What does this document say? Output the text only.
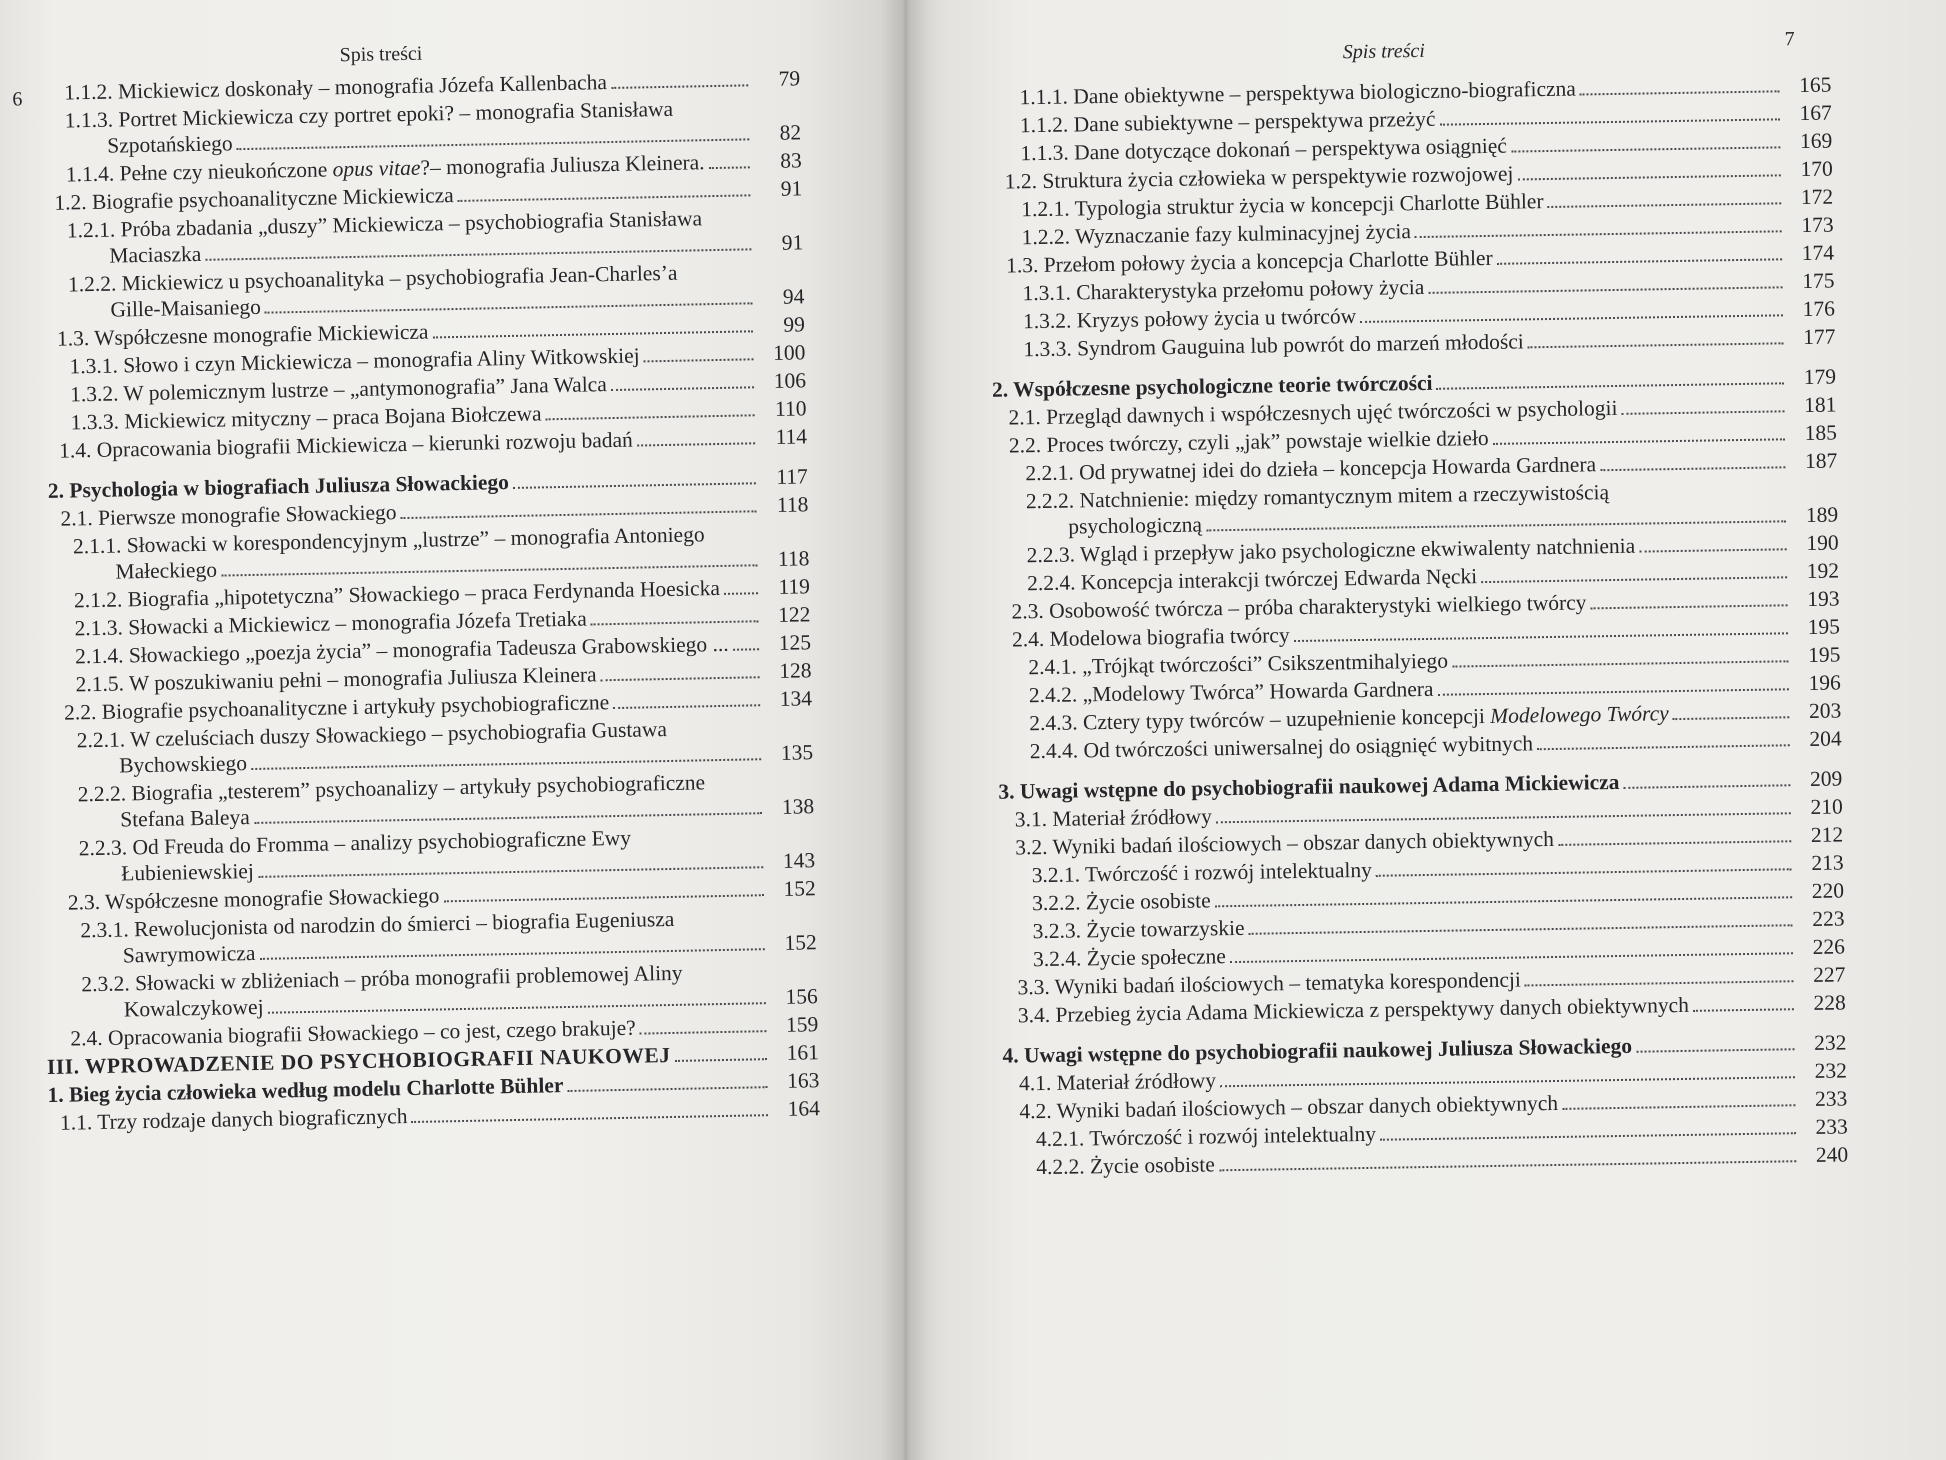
Spis treści
6 1.1.2. Mickiewicz doskonały – monografia Józefa Kallenbacha	79
1.1.3. Portret Mickiewicza czy portret epoki? – monografia Stanisława
Szpotańskiego	82
1.1.4. Pełne czy nieukończone opus vitae?– monografia Juliusza Kleinera.	83
1.2. Biografie psychoanalityczne Mickiewicza	91
1.2.1. Próba zbadania „duszy” Mickiewicza – psychobiografia Stanisława
Maciaszka	91
1.2.2. Mickiewicz u psychoanalityka – psychobiografia Jean-Charles’a
Gille-Maisaniego	94
1.3. Współczesne monografie Mickiewicza	99
1.3.1. Słowo i czyn Mickiewicza – monografia Aliny Witkowskiej	100
1.3.2. W polemicznym lustrze – „antymonografia” Jana Walca	106
1.3.3. Mickiewicz mityczny – praca Bojana Biołczewa	110
1.4. Opracowania biografii Mickiewicza – kierunki rozwoju badań	114
2. Psychologia w biografiach Juliusza Słowackiego	117
2.1. Pierwsze monografie Słowackiego	118
2.1.1. Słowacki w korespondencyjnym „lustrze” – monografia Antoniego
Małeckiego	118
2.1.2. Biografia „hipotetyczna” Słowackiego – praca Ferdynanda Hoesicka	119
2.1.3. Słowacki a Mickiewicz – monografia Józefa Tretiaka	122
2.1.4. Słowackiego „poezja życia” – monografia Tadeusza Grabowskiego ...	125
2.1.5. W poszukiwaniu pełni – monografia Juliusza Kleinera	128
2.2. Biografie psychoanalityczne i artykuły psychobiograficzne	134
2.2.1. W czeluściach duszy Słowackiego – psychobiografia Gustawa
Bychowskiego	135
2.2.2. Biografia „testerem” psychoanalizy – artykuły psychobiograficzne
Stefana Baleya	138
2.2.3. Od Freuda do Fromma – analizy psychobiograficzne Ewy
Łubieniewskiej	143
2.3. Współczesne monografie Słowackiego	152
2.3.1. Rewolucjonista od narodzin do śmierci – biografia Eugeniusza
Sawrymowicza	152
2.3.2. Słowacki w zbliżeniach – próba monografii problemowej Aliny
Kowalczykowej	156
2.4. Opracowania biografii Słowackiego – co jest, czego brakuje?	159
III. WPROWADZENIE DO PSYCHOBIOGRAFII NAUKOWEJ	161
1. Bieg życia człowieka według modelu Charlotte Bühler	163
1.1. Trzy rodzaje danych biograficznych	164
Spis treści
7
1.1.1. Dane obiektywne – perspektywa biologiczno-biograficzna	165
1.1.2. Dane subiektywne – perspektywa przeżyć	167
1.1.3. Dane dotyczące dokonań – perspektywa osiągnięć	169
1.2. Struktura życia człowieka w perspektywie rozwojowej	170
1.2.1. Typologia struktur życia w koncepcji Charlotte Bühler	172
1.2.2. Wyznaczanie fazy kulminacyjnej życia	173
1.3. Przełom połowy życia a koncepcja Charlotte Bühler	174
1.3.1. Charakterystyka przełomu połowy życia	175
1.3.2. Kryzys połowy życia u twórców	176
1.3.3. Syndrom Gauguina lub powrót do marzeń młodości	177
2. Współczesne psychologiczne teorie twórczości	179
2.1. Przegląd dawnych i współczesnych ujęć twórczości w psychologii	181
2.2. Proces twórczy, czyli „jak” powstaje wielkie dzieło	185
2.2.1. Od prywatnej idei do dzieła – koncepcja Howarda Gardnera	187
2.2.2. Natchnienie: między romantycznym mitem a rzeczywistością
psychologiczną	189
2.2.3. Wgląd i przepływ jako psychologiczne ekwiwalenty natchnienia	190
2.2.4. Koncepcja interakcji twórczej Edwarda Nęcki	192
2.3. Osobowość twórcza – próba charakterystyki wielkiego twórcy	193
2.4. Modelowa biografia twórcy	195
2.4.1. „Trójkąt twórczości” Csikszentmihalyiego	195
2.4.2. „Modelowy Twórca” Howarda Gardnera	196
2.4.3. Cztery typy twórców – uzupełnienie koncepcji Modelowego Twórcy	203
2.4.4. Od twórczości uniwersalnej do osiągnięć wybitnych	204
3. Uwagi wstępne do psychobiografii naukowej Adama Mickiewicza	209
3.1. Materiał źródłowy	210
3.2. Wyniki badań ilościowych – obszar danych obiektywnych	212
3.2.1. Twórczość i rozwój intelektualny	213
3.2.2. Życie osobiste	220
3.2.3. Życie towarzyskie	223
3.2.4. Życie społeczne	226
3.3. Wyniki badań ilościowych – tematyka korespondencji	227
3.4. Przebieg życia Adama Mickiewicza z perspektywy danych obiektywnych	228
4. Uwagi wstępne do psychobiografii naukowej Juliusza Słowackiego	232
4.1. Materiał źródłowy	232
4.2. Wyniki badań ilościowych – obszar danych obiektywnych	233
4.2.1. Twórczość i rozwój intelektualny	233
4.2.2. Życie osobiste	240
